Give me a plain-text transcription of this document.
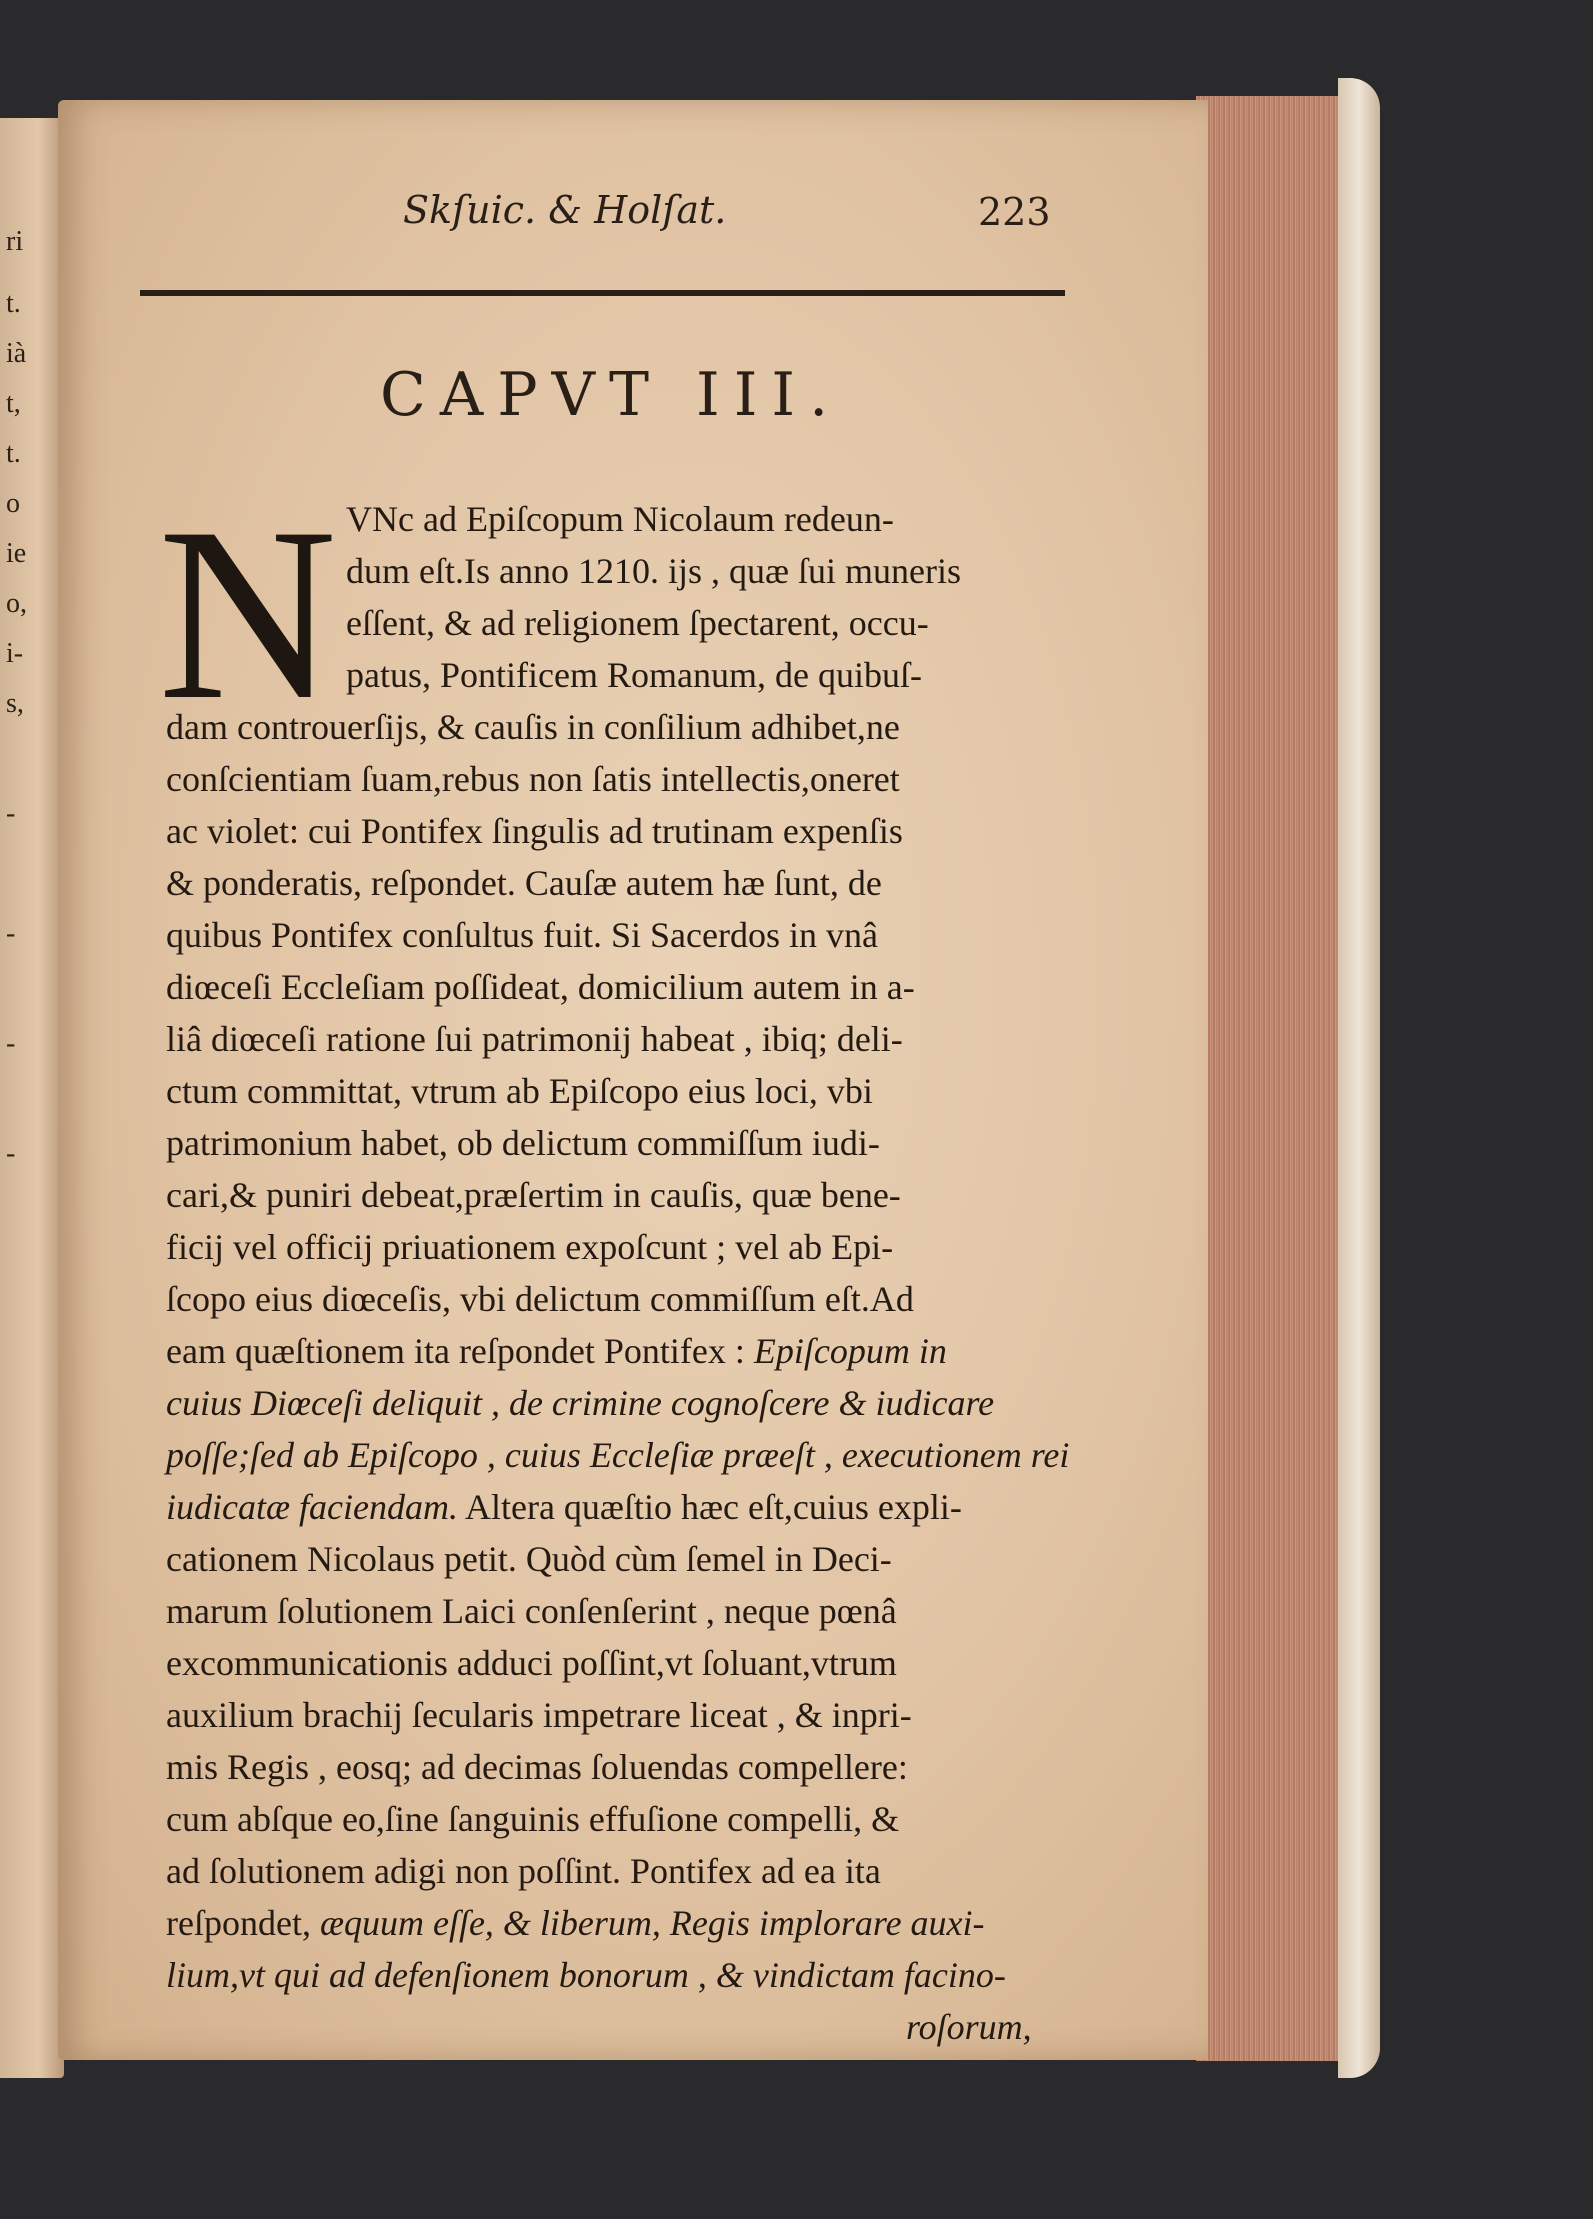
ri
t.
ià
t,
t.
o
ie
o,
i-
s,
-
-
-
-
Skſuic. & Holſat.	223
CAPVT III.
N VNc ad Epiſcopum Nicolaum redeun-
dum eſt.Is anno 1210. ijs , quæ ſui muneris
eſſent, & ad religionem ſpectarent, occu-
patus, Pontificem Romanum, de quibuſ-
dam controuerſijs, & cauſis in conſilium adhibet,ne
conſcientiam ſuam,rebus non ſatis intellectis,oneret
ac violet: cui Pontifex ſingulis ad trutinam expenſis
& ponderatis, reſpondet. Cauſæ autem hæ ſunt, de
quibus Pontifex conſultus fuit. Si Sacerdos in vnâ
diœceſi Eccleſiam poſſideat, domicilium autem in a-
liâ diœceſi ratione ſui patrimonij habeat , ibiq; deli-
ctum committat, vtrum ab Epiſcopo eius loci, vbi
patrimonium habet, ob delictum commiſſum iudi-
cari,& puniri debeat,præſertim in cauſis, quæ bene-
ficij vel officij priuationem expoſcunt ; vel ab Epi-
ſcopo eius diœceſis, vbi delictum commiſſum eſt.Ad
eam quæſtionem ita reſpondet Pontifex : Epiſcopum in
cuius Diœceſi deliquit , de crimine cognoſcere & iudicare
poſſe;ſed ab Epiſcopo , cuius Eccleſiæ præeſt , executionem rei
iudicatæ faciendam. Altera quæſtio hæc eſt,cuius expli-
cationem Nicolaus petit. Quòd cùm ſemel in Deci-
marum ſolutionem Laici conſenſerint , neque pœnâ
excommunicationis adduci poſſint,vt ſoluant,vtrum
auxilium brachij ſecularis impetrare liceat , & inpri-
mis Regis , eosq; ad decimas ſoluendas compellere:
cum abſque eo,ſine ſanguinis effuſione compelli, &
ad ſolutionem adigi non poſſint. Pontifex ad ea ita
reſpondet, æquum eſſe, & liberum, Regis implorare auxi-
lium,vt qui ad defenſionem bonorum , & vindictam facino-
roſorum,
